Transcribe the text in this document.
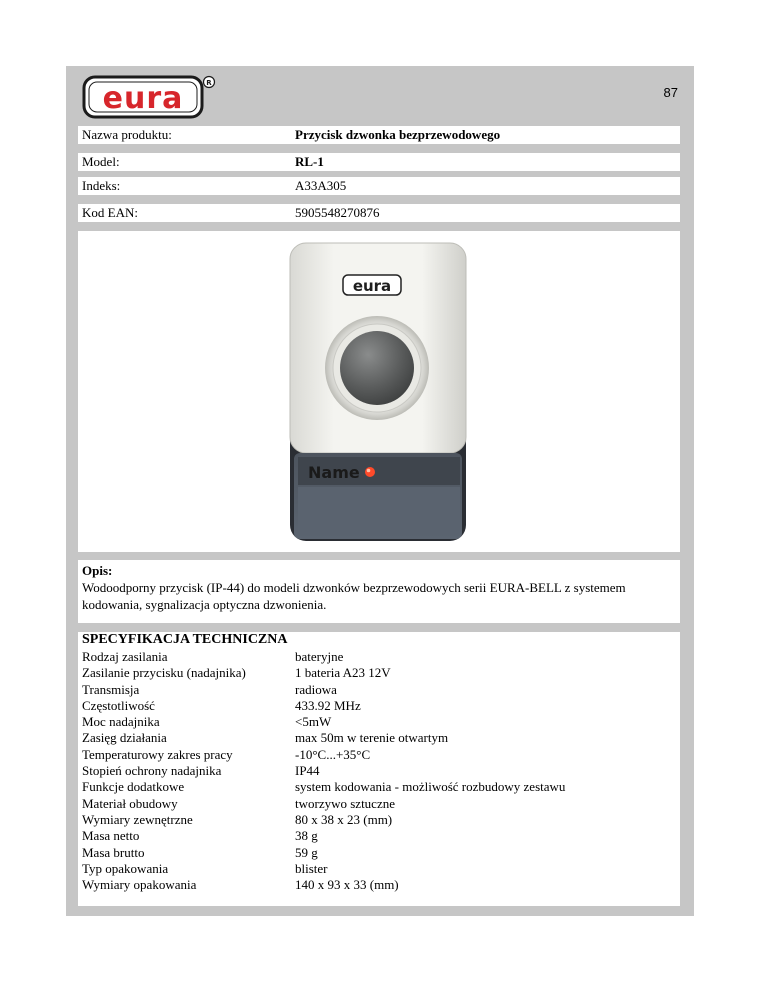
eura	R
87
Nazwa produktu:	Przycisk dzwonka bezprzewodowego
Model:	RL-1
Indeks:	A33A305
Kod EAN:	5905548270876
eura
Name
Opis:
Wodoodporny przycisk (IP-44) do modeli dzwonków bezprzewodowych serii EURA-BELL z systemem kodowania, sygnalizacja optyczna dzwonienia.
SPECYFIKACJA TECHNICZNA
Rodzaj zasilania	bateryjne
Zasilanie przycisku (nadajnika)	1 bateria A23 12V
Transmisja	radiowa
Częstotliwość	433.92 MHz
Moc nadajnika	<5mW
Zasięg działania	max 50m w terenie otwartym
Temperaturowy zakres pracy	-10°C...+35°C
Stopień ochrony nadajnika	IP44
Funkcje dodatkowe	system kodowania - możliwość rozbudowy zestawu
Materiał obudowy	tworzywo sztuczne
Wymiary zewnętrzne	80 x 38 x 23 (mm)
Masa netto	38 g
Masa brutto	59 g
Typ opakowania	blister
Wymiary opakowania	140 x 93 x 33 (mm)
